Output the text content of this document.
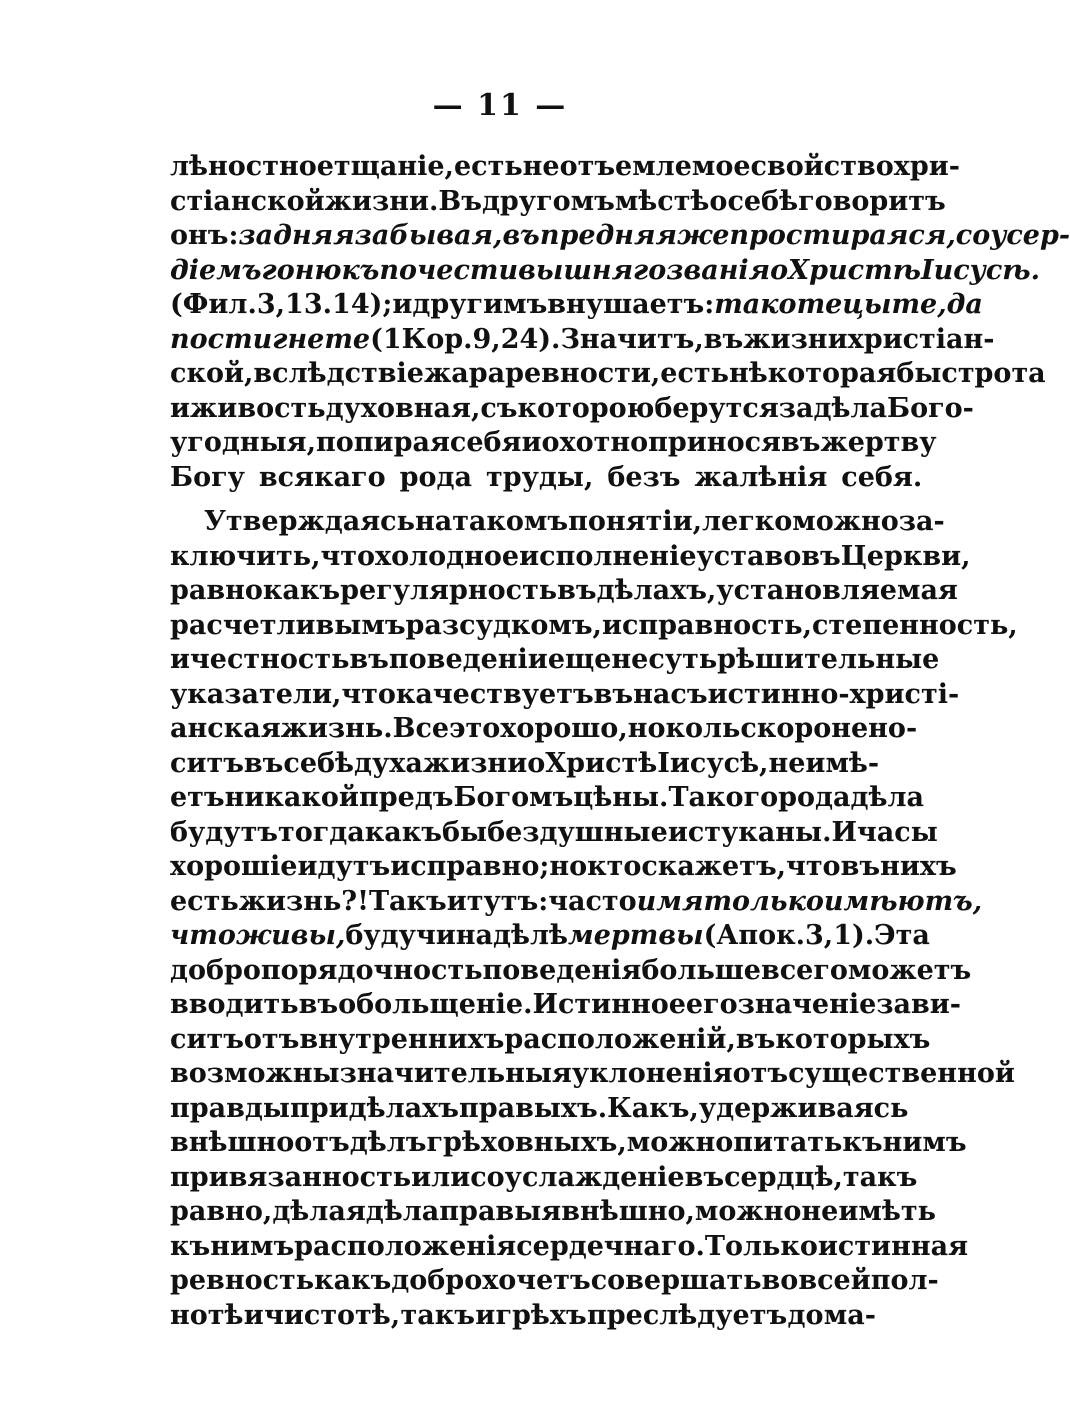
— 11 —
лѣностное тщаніе, есть неотъемлемое свойство хри-
стіанской жизни. Въ другомъ мѣстѣ о себѣ говоритъ
онъ: задняя забывая, въ предняя же простираяся, со усер-
діемъ гоню къ почести вышняго званія о Христѣ Іисусѣ.
(Фил. 3, 13. 14); и другимъ внушаетъ: тако тецыте, да
постигнете (1 Кор. 9, 24). Значитъ, въ жизни христіан-
ской, вслѣдствіе жара ревности, есть нѣкоторая быстрота
и живость духовная, съ которою берутся за дѣла Бого-
угодныя, попирая себя и охотно принося въ жертву
Богу всякаго рода труды, безъ жалѣнія себя.
Утверждаясь на такомъ понятіи, легко можно за-
ключить, что холодное исполненіе уставовъ Церкви,
равно какъ регулярность въ дѣлахъ, установляемая
расчетливымъ разсудкомъ, исправность, степенность,
и честность въ поведеніи еще не суть рѣшительные
указатели, что качествуетъ въ насъ истинно-христі-
анская жизнь. Все это хорошо, но коль скоро не но-
ситъ въ себѣ духа жизни о Христѣ Іисусѣ, не имѣ-
етъ никакой предъ Богомъ цѣны. Такого рода дѣла
будутъ тогда какъ бы бездушные истуканы. И часы
хорошіе идутъ исправно; но кто скажетъ, что въ нихъ
есть жизнь?! Такъ и тутъ: часто имя только имѣютъ,
что живы, будучи на дѣлѣ мертвы (Апок. 3, 1). Эта
добропорядочность поведенія больше всего можетъ
вводить въ обольщеніе. Истинное его значеніе зави-
ситъ отъ внутреннихъ расположеній, въ которыхъ
возможны значительныя уклоненія отъ существенной
правды при дѣлахъ правыхъ. Какъ, удерживаясь
внѣшно отъ дѣлъ грѣховныхъ, можно питать къ нимъ
привязанность или соуслажденіе въ сердцѣ, такъ
равно, дѣлая дѣла правыя внѣшно, можно не имѣть
къ нимъ расположенія сердечнаго. Только истинная
ревность какъ добро хочетъ совершать во всей пол-
нотѣ и чистотѣ, такъ и грѣхъ преслѣдуетъ до ма-
